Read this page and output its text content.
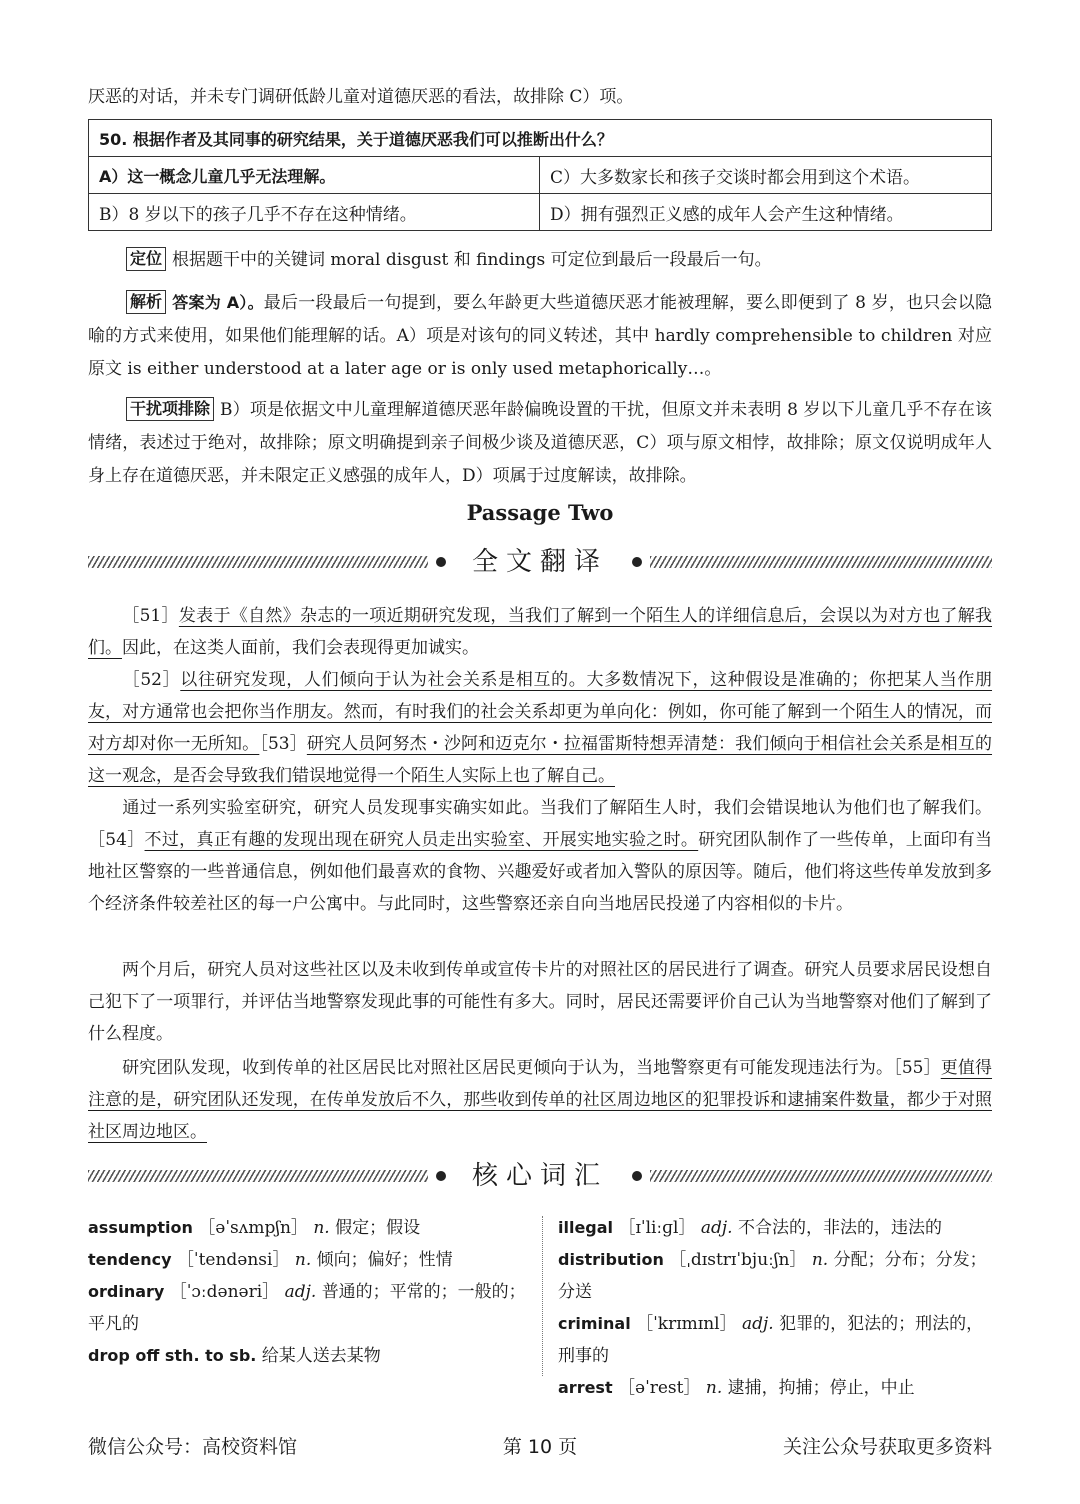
厌恶的对话，并未专门调研低龄儿童对道德厌恶的看法，故排除 C）项。
50. 根据作者及其同事的研究结果，关于道德厌恶我们可以推断出什么？	
A）这一概念儿童几乎无法理解。	C）大多数家长和孩子交谈时都会用到这个术语。
B）8 岁以下的孩子几乎不存在这种情绪。	D）拥有强烈正义感的成年人会产生这种情绪。
定位 根据题干中的关键词 moral disgust 和 findings 可定位到最后一段最后一句。
解析 答案为 A）。最后一段最后一句提到，要么年龄更大些道德厌恶才能被理解，要么即便到了 8 岁，也只会以隐喻的方式来使用，如果他们能理解的话。A）项是对该句的同义转述，其中 hardly comprehensible to children 对应原文 is either understood at a later age or is only used metaphorically…。
干扰项排除 B）项是依据文中儿童理解道德厌恶年龄偏晚设置的干扰，但原文并未表明 8 岁以下儿童几乎不存在该情绪，表述过于绝对，故排除；原文明确提到亲子间极少谈及道德厌恶，C）项与原文相悖，故排除；原文仅说明成年人身上存在道德厌恶，并未限定正义感强的成年人，D）项属于过度解读，故排除。
Passage Two
全文翻译
［51］发表于《自然》杂志的一项近期研究发现，当我们了解到一个陌生人的详细信息后，会误以为对方也了解我们。因此，在这类人面前，我们会表现得更加诚实。
［52］以往研究发现，人们倾向于认为社会关系是相互的。大多数情况下，这种假设是准确的；你把某人当作朋友，对方通常也会把你当作朋友。然而，有时我们的社会关系却更为单向化：例如，你可能了解到一个陌生人的情况，而对方却对你一无所知。［53］研究人员阿努杰・沙阿和迈克尔・拉福雷斯特想弄清楚：我们倾向于相信社会关系是相互的这一观念，是否会导致我们错误地觉得一个陌生人实际上也了解自己。
通过一系列实验室研究，研究人员发现事实确实如此。当我们了解陌生人时，我们会错误地认为他们也了解我们。［54］不过，真正有趣的发现出现在研究人员走出实验室、开展实地实验之时。研究团队制作了一些传单，上面印有当地社区警察的一些普通信息，例如他们最喜欢的食物、兴趣爱好或者加入警队的原因等。随后，他们将这些传单发放到多个经济条件较差社区的每一户公寓中。与此同时，这些警察还亲自向当地居民投递了内容相似的卡片。
两个月后，研究人员对这些社区以及未收到传单或宣传卡片的对照社区的居民进行了调查。研究人员要求居民设想自己犯下了一项罪行，并评估当地警察发现此事的可能性有多大。同时，居民还需要评价自己认为当地警察对他们了解到了什么程度。
研究团队发现，收到传单的社区居民比对照社区居民更倾向于认为，当地警察更有可能发现违法行为。［55］更值得注意的是，研究团队还发现，在传单发放后不久，那些收到传单的社区周边地区的犯罪投诉和逮捕案件数量，都少于对照社区周边地区。
核心词汇
assumption ［əˈsʌmpʃn］ n. 假定；假设
tendency ［ˈtendənsi］ n. 倾向；偏好；性情
ordinary ［ˈɔːdənəri］ adj. 普通的；平常的；一般的；平凡的
drop off sth. to sb. 给某人送去某物
illegal ［ɪˈliːɡl］ adj. 不合法的，非法的，违法的
distribution ［ˌdɪstrɪˈbjuːʃn］ n. 分配；分布；分发；分送
criminal ［ˈkrɪmɪnl］ adj. 犯罪的，犯法的；刑法的，刑事的
arrest ［əˈrest］ n. 逮捕，拘捕；停止，中止
微信公众号：高校资料馆	第 10 页	关注公众号获取更多资料
